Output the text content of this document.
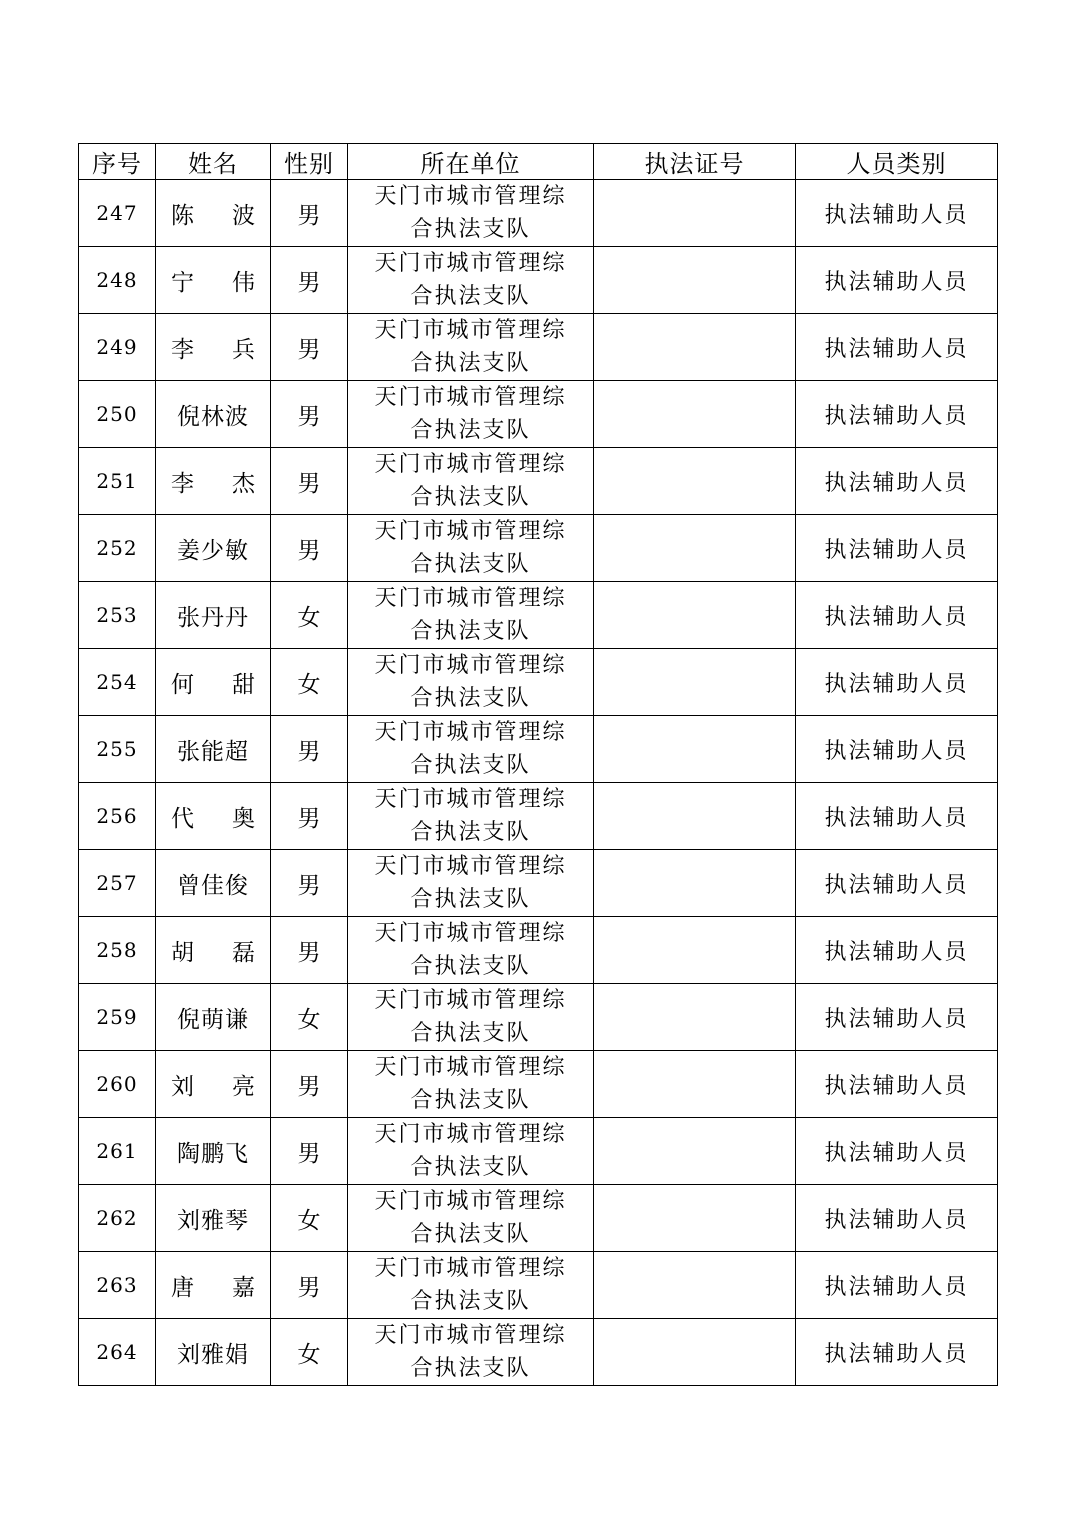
序号	姓名	性别	所在单位	执法证号	人员类别
247	陈 波	男	天门市城市管理综合执法支队		执法辅助人员
248	宁 伟	男	天门市城市管理综合执法支队		执法辅助人员
249	李 兵	男	天门市城市管理综合执法支队		执法辅助人员
250	倪林波	男	天门市城市管理综合执法支队		执法辅助人员
251	李 杰	男	天门市城市管理综合执法支队		执法辅助人员
252	姜少敏	男	天门市城市管理综合执法支队		执法辅助人员
253	张丹丹	女	天门市城市管理综合执法支队		执法辅助人员
254	何 甜	女	天门市城市管理综合执法支队		执法辅助人员
255	张能超	男	天门市城市管理综合执法支队		执法辅助人员
256	代 奥	男	天门市城市管理综合执法支队		执法辅助人员
257	曾佳俊	男	天门市城市管理综合执法支队		执法辅助人员
258	胡 磊	男	天门市城市管理综合执法支队		执法辅助人员
259	倪萌谦	女	天门市城市管理综合执法支队		执法辅助人员
260	刘 亮	男	天门市城市管理综合执法支队		执法辅助人员
261	陶鹏飞	男	天门市城市管理综合执法支队		执法辅助人员
262	刘雅琴	女	天门市城市管理综合执法支队		执法辅助人员
263	唐 嘉	男	天门市城市管理综合执法支队		执法辅助人员
264	刘雅娟	女	天门市城市管理综合执法支队		执法辅助人员
